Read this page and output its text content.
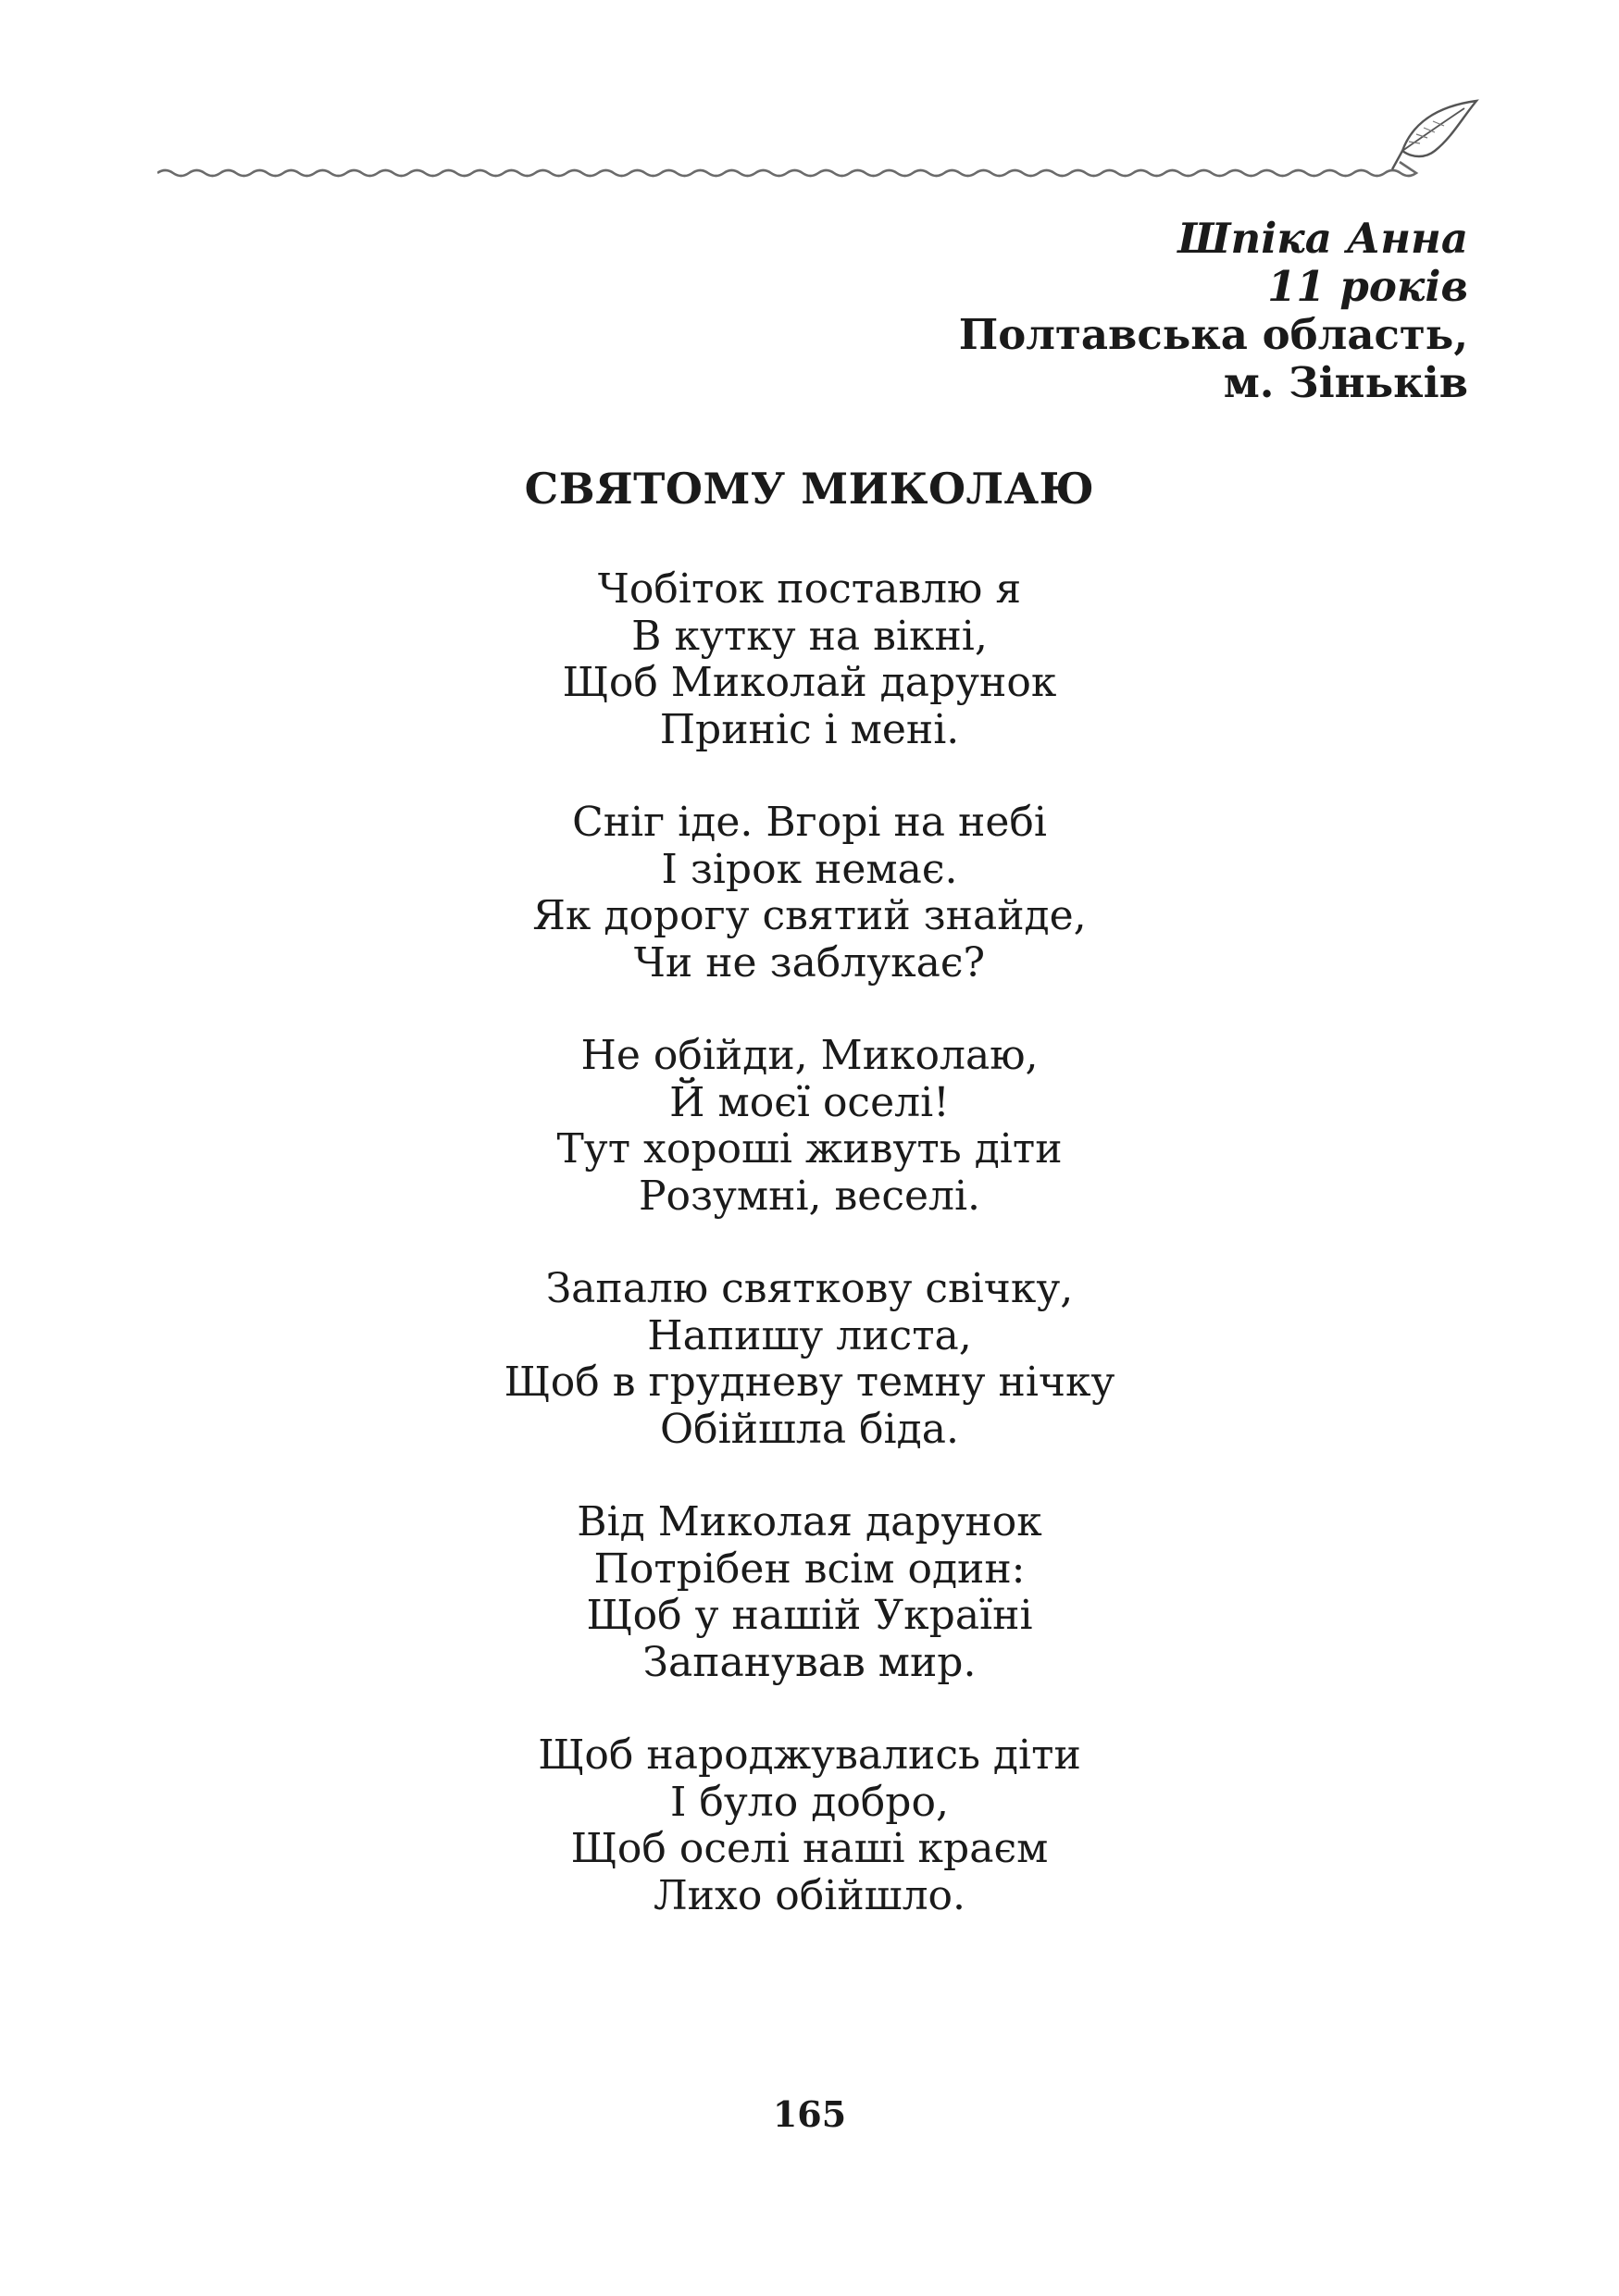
Шпіка Анна
11 років
Полтавська область,
м. Зіньків
СВЯТОМУ МИКОЛАЮ
Чобіток поставлю я
В кутку на вікні,
Щоб Миколай дарунок
Приніс і мені.
Сніг іде. Вгорі на небі
І зірок немає.
Як дорогу святий знайде,
Чи не заблукає?
Не обійди, Миколаю,
Й моєї оселі!
Тут хороші живуть діти
Розумні, веселі.
Запалю святкову свічку,
Напишу листа,
Щоб в грудневу темну нічку
Обійшла біда.
Від Миколая дарунок
Потрібен всім один:
Щоб у нашій Україні
Запанував мир.
Щоб народжувались діти
І було добро,
Щоб оселі наші краєм
Лихо обійшло.
165
